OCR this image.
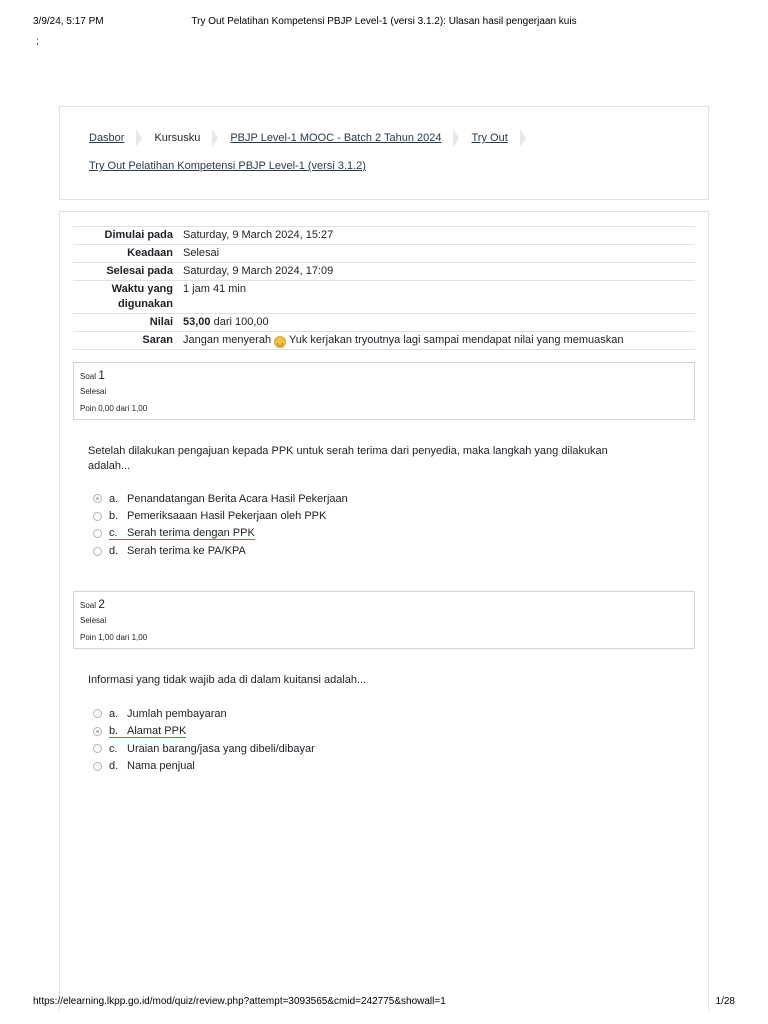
3/9/24, 5:17 PM	Try Out Pelatihan Kompetensi PBJP Level-1 (versi 3.1.2): Ulasan hasil pengerjaan kuis
;
Dasbor	Kursusku	PBJP Level-1 MOOC - Batch 2 Tahun 2024	Try Out
Try Out Pelatihan Kompetensi PBJP Level-1 (versi 3.1.2)
Dimulai pada	Saturday, 9 March 2024, 15:27
Keadaan	Selesai
Selesai pada	Saturday, 9 March 2024, 17:09
Waktu yang digunakan	1 jam 41 min
Nilai	53,00 dari 100,00
Saran	Jangan menyerah ◡ Yuk kerjakan tryoutnya lagi sampai mendapat nilai yang memuaskan
Soal 1
Selesai
Poin 0,00 dari 1,00
Setelah dilakukan pengajuan kepada PPK untuk serah terima dari penyedia, maka langkah yang dilakukan adalah...
a. Penandatangan Berita Acara Hasil Pekerjaan
b. Pemeriksaaan Hasil Pekerjaan oleh PPK
c. Serah terima dengan PPK
d. Serah terima ke PA/KPA
Soal 2
Selesai
Poin 1,00 dari 1,00
Informasi yang tidak wajib ada di dalam kuitansi adalah...
a. Jumlah pembayaran
b. Alamat PPK
c. Uraian barang/jasa yang dibeli/dibayar
d. Nama penjual
https://elearning.lkpp.go.id/mod/quiz/review.php?attempt=3093565&cmid=242775&showall=1	1/28
